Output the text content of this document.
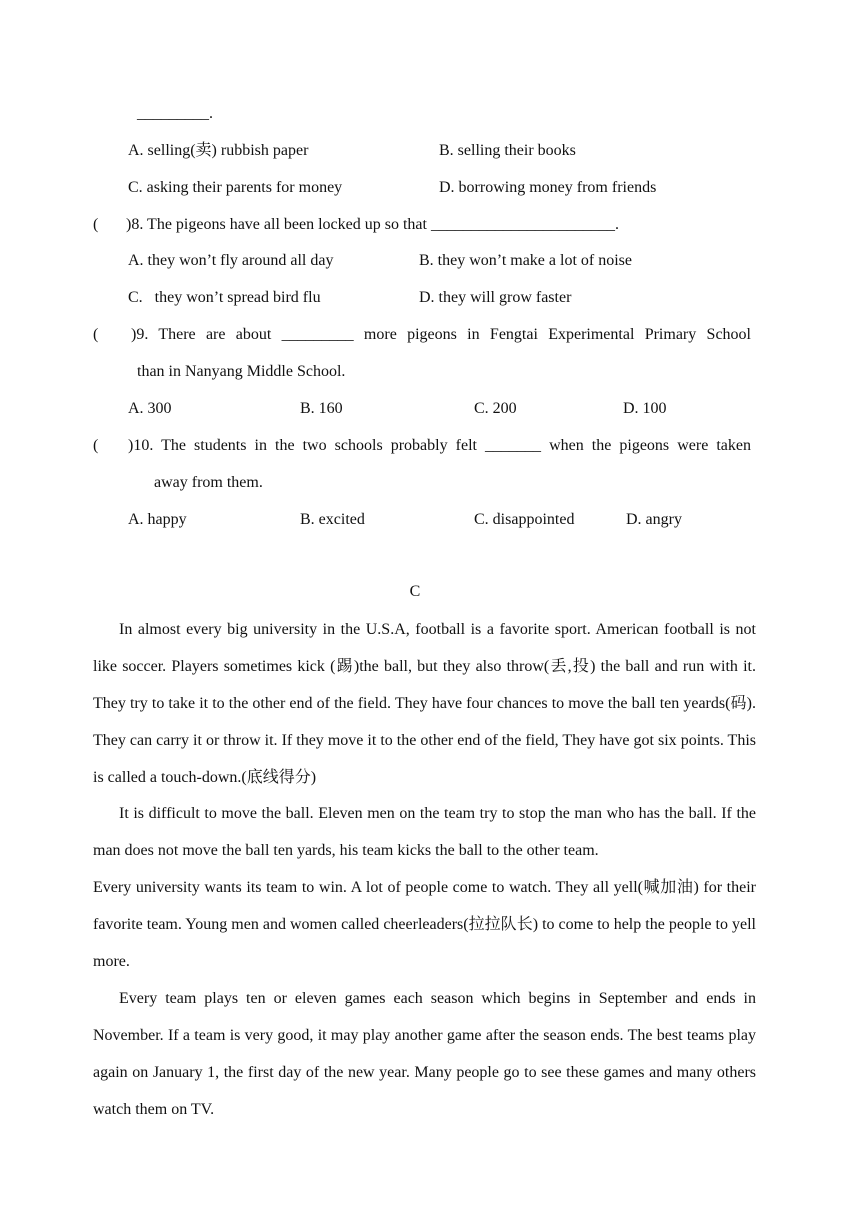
_________.
A. selling(卖) rubbish paper	B. selling their books
C. asking their parents for money	D. borrowing money from friends
( )8. The pigeons have all been locked up so that _______________________.
A. they won’t fly around all day	B. they won’t make a lot of noise
C.   they won’t spread bird flu	D. they will grow faster
( )9. There are about _________ more pigeons in Fengtai Experimental Primary School
than in Nanyang Middle School.
A. 300	B. 160	C. 200	D. 100
( )10. The students in the two schools probably felt _______ when the pigeons were taken
away from them.
A. happy	B. excited	C. disappointed	D. angry
C
In almost every big university in the U.S.A, football is a favorite sport. American football is not like soccer. Players sometimes kick (踢)the ball, but they also throw(丢,投) the ball and run with it. They try to take it to the other end of the field. They have four chances to move the ball ten yeards(码). They can carry it or throw it. If they move it to the other end of the field, They have got six points. This is called a touch-down.(底线得分)
It is difficult to move the ball. Eleven men on the team try to stop the man who has the ball. If the man does not move the ball ten yards, his team kicks the ball to the other team.
Every university wants its team to win. A lot of people come to watch. They all yell(喊加油) for their favorite team. Young men and women called cheerleaders(拉拉队长) to come to help the people to yell more.
Every team plays ten or eleven games each season which begins in September and ends in November. If a team is very good, it may play another game after the season ends. The best teams play again on January 1, the first day of the new year. Many people go to see these games and many others watch them on TV.
